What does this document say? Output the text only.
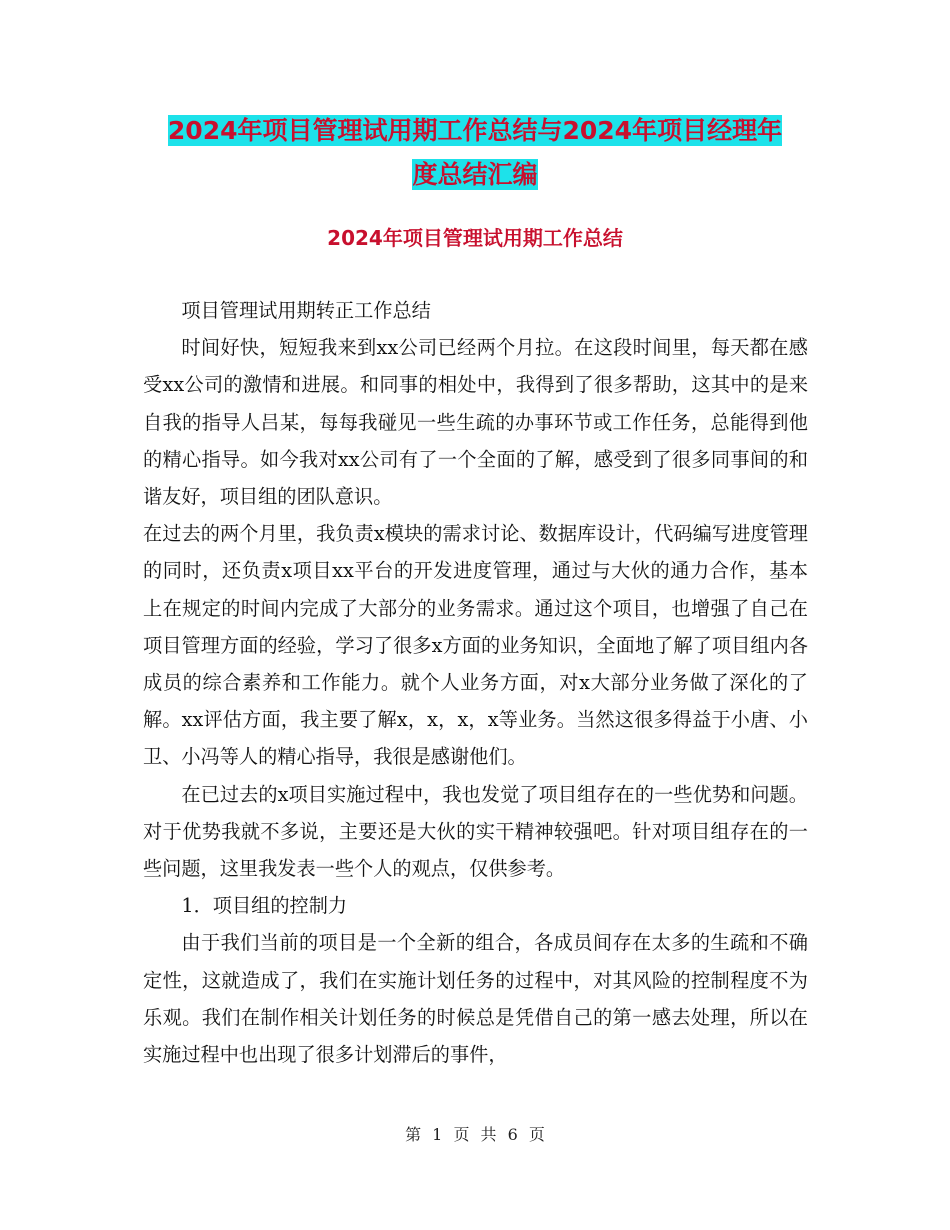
2024年项目管理试用期工作总结与2024年项目经理年
度总结汇编
2024年项目管理试用期工作总结

项目管理试用期转正工作总结

时间好快，短短我来到xx公司已经两个月拉。在这段时间里，每天都在感受xx公司的激情和进展。和同事的相处中，我得到了很多帮助，这其中的是来自我的指导人吕某，每每我碰见一些生疏的办事环节或工作任务，总能得到他的精心指导。如今我对xx公司有了一个全面的了解，感受到了很多同事间的和谐友好，项目组的团队意识。

在过去的两个月里，我负责x模块的需求讨论、数据库设计，代码编写进度管理的同时，还负责x项目xx平台的开发进度管理，通过与大伙的通力合作，基本上在规定的时间内完成了大部分的业务需求。通过这个项目，也增强了自己在项目管理方面的经验，学习了很多x方面的业务知识，全面地了解了项目组内各成员的综合素养和工作能力。就个人业务方面，对x大部分业务做了深化的了解。xx评估方面，我主要了解x，x，x，x等业务。当然这很多得益于小唐、小卫、小冯等人的精心指导，我很是感谢他们。

在已过去的x项目实施过程中，我也发觉了项目组存在的一些优势和问题。对于优势我就不多说，主要还是大伙的实干精神较强吧。针对项目组存在的一些问题，这里我发表一些个人的观点，仅供参考。

1．项目组的控制力

由于我们当前的项目是一个全新的组合，各成员间存在太多的生疏和不确定性，这就造成了，我们在实施计划任务的过程中，对其风险的控制程度不为乐观。我们在制作相关计划任务的时候总是凭借自己的第一感去处理，所以在实施过程中也出现了很多计划滞后的事件，

第 1 页 共 6 页
